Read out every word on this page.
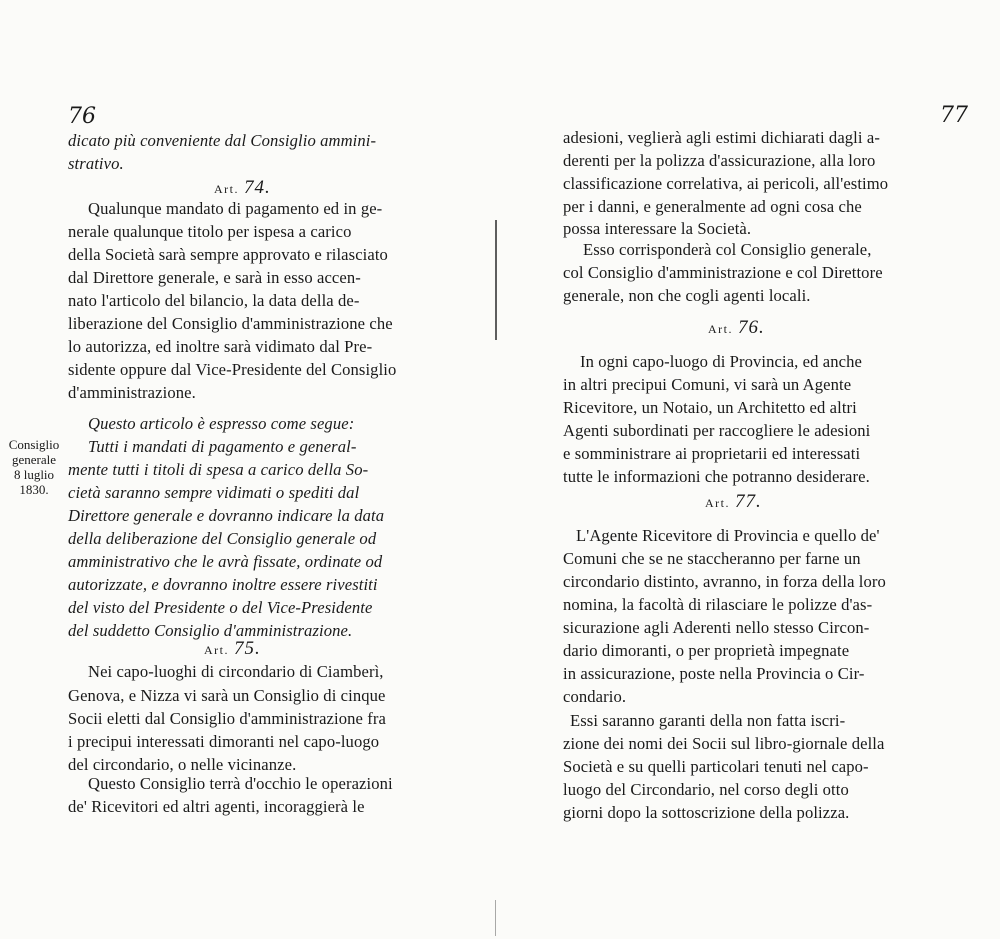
76
dicato più conveniente dal Consiglio ammini-
strativo.
Art. 74.
Qualunque mandato di pagamento ed in ge-
nerale qualunque titolo per ispesa a carico
della Società sarà sempre approvato e rilasciato
dal Direttore generale, e sarà in esso accen-
nato l'articolo del bilancio, la data della de-
liberazione del Consiglio d'amministrazione che
lo autorizza, ed inoltre sarà vidimato dal Pre-
sidente oppure dal Vice-Presidente del Consiglio
d'amministrazione.
Questo articolo è espresso come segue:
Tutti i mandati di pagamento e general-
mente tutti i titoli di spesa a carico della So-
cietà saranno sempre vidimati o spediti dal
Direttore generale e dovranno indicare la data
della deliberazione del Consiglio generale od
amministrativo che le avrà fissate, ordinate od
autorizzate, e dovranno inoltre essere rivestiti
del visto del Presidente o del Vice-Presidente
del suddetto Consiglio d'amministrazione.
Art. 75.
Nei capo-luoghi di circondario di Ciamberì,
Genova, e Nizza vi sarà un Consiglio di cinque
Socii eletti dal Consiglio d'amministrazione fra
i precipui interessati dimoranti nel capo-luogo
del circondario, o nelle vicinanze.
Questo Consiglio terrà d'occhio le operazioni
de' Ricevitori ed altri agenti, incoraggierà le
Consiglio
generale
8 luglio
1830.
77
adesioni, veglierà agli estimi dichiarati dagli a-
derenti per la polizza d'assicurazione, alla loro
classificazione correlativa, ai pericoli, all'estimo
per i danni, e generalmente ad ogni cosa che
possa interessare la Società.
Esso corrisponderà col Consiglio generale,
col Consiglio d'amministrazione e col Direttore
generale, non che cogli agenti locali.
Art. 76.
In ogni capo-luogo di Provincia, ed anche
in altri precipui Comuni, vi sarà un Agente
Ricevitore, un Notaio, un Architetto ed altri
Agenti subordinati per raccogliere le adesioni
e somministrare ai proprietarii ed interessati
tutte le informazioni che potranno desiderare.
Art. 77.
L'Agente Ricevitore di Provincia e quello de'
Comuni che se ne staccheranno per farne un
circondario distinto, avranno, in forza della loro
nomina, la facoltà di rilasciare le polizze d'as-
sicurazione agli Aderenti nello stesso Circon-
dario dimoranti, o per proprietà impegnate
in assicurazione, poste nella Provincia o Cir-
condario.
Essi saranno garanti della non fatta iscri-
zione dei nomi dei Socii sul libro-giornale della
Società e su quelli particolari tenuti nel capo-
luogo del Circondario, nel corso degli otto
giorni dopo la sottoscrizione della polizza.
